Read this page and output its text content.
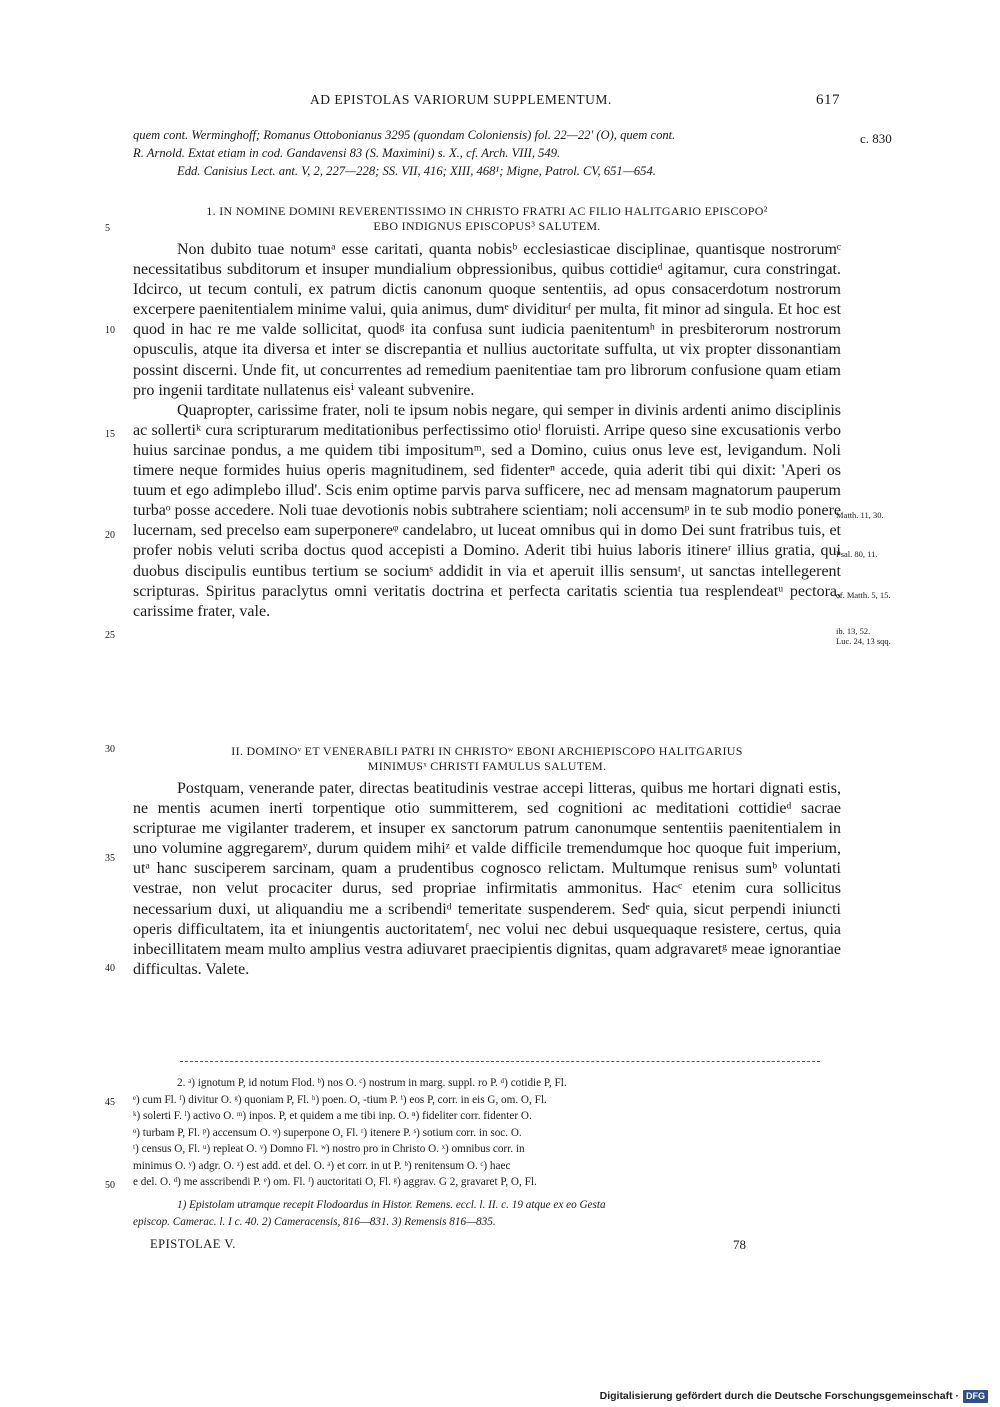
AD EPISTOLAS VARIORUM SUPPLEMENTUM.	617
c. 830
quem cont. Werminghoff; Romanus Ottobonianus 3295 (quondam Coloniensis) fol. 22—22' (O), quem cont.
R. Arnold. Extat etiam in cod. Gandavensi 83 (S. Maximini) s. X., cf. Arch. VIII, 549.
Edd. Canisius Lect. ant. V, 2, 227—228; SS. VII, 416; XIII, 468¹; Migne, Patrol. CV, 651—654.
1. IN NOMINE DOMINI REVERENTISSIMO IN CHRISTO FRATRI AC FILIO HALITGARIO EPISCOPO²
EBO INDIGNUS EPISCOPUS³ SALUTEM.

Non dubito tuae notumᵃ esse caritati, quanta nobisᵇ ecclesiasticae disciplinae, quantisque nostrorumᶜ necessitatibus subditorum et insuper mundialium obpressionibus, quibus cottidieᵈ agitamur, cura constringat. Idcirco, ut tecum contuli, ex patrum dictis canonum quoque sententiis, ad opus consacerdotum nostrorum excerpere paenitentialem minime valui, quia animus, dumᵉ dividiturᶠ per multa, fit minor ad singula. Et hoc est quod in hac re me valde sollicitat, quodᵍ ita confusa sunt iudicia paenitentumʰ in presbiterorum nostrorum opusculis, atque ita diversa et inter se discrepantia et nullius auctoritate suffulta, ut vix propter dissonantiam possint discerni. Unde fit, ut concurrentes ad remedium paenitentiae tam pro librorum confusione quam etiam pro ingenii tarditate nullatenus eisⁱ valeant subvenire.

Quapropter, carissime frater, noli te ipsum nobis negare, qui semper in divinis ardenti animo disciplinis ac sollertiᵏ cura scripturarum meditationibus perfectissimo otioˡ floruisti. Arripe queso sine excusationis verbo huius sarcinae pondus, a me quidem tibi impositumᵐ, sed a Domino, cuius onus leve est, levigandum. Noli timere neque formides huius operis magnitudinem, sed fidenterⁿ accede, quia aderit tibi qui dixit: 'Aperi os tuum et ego adimplebo illud'. Scis enim optime parvis parva sufficere, nec ad mensam magnatorum pauperum turbaᵒ posse accedere. Noli tuae devotionis nobis subtrahere scientiam; noli accensumᵖ in te sub modio ponere lucernam, sed precelso eam superponereᵠ candelabro, ut luceat omnibus qui in domo Dei sunt fratribus tuis, et profer nobis veluti scriba doctus quod accepisti a Domino. Aderit tibi huius laboris itinereʳ illius gratia, qui duobus discipulis euntibus tertium se sociumˢ addidit in via et aperuit illis sensumᵗ, ut sanctas intellegerent scripturas. Spiritus paraclytus omni veritatis doctrina et perfecta caritatis scientia tua resplendeatᵘ pectora, carissime frater, vale.

II. DOMINOᵛ ET VENERABILI PATRI IN CHRISTOʷ EBONI ARCHIEPISCOPO HALITGARIUS
MINIMUSˣ CHRISTI FAMULUS SALUTEM.

Postquam, venerande pater, directas beatitudinis vestrae accepi litteras, quibus me hortari dignati estis, ne mentis acumen inerti torpentique otio summitterem, sed cognitioni ac meditationi cottidieᵈ sacrae scripturae me vigilanter traderem, et insuper ex sanctorum patrum canonumque sententiis paenitentialem in uno volumine aggregaremʸ, durum quidem mihiᶻ et valde difficile tremendumque hoc quoque fuit imperium, utᵃ hanc susciperem sarcinam, quam a prudentibus cognosco relictam. Multumque renisus sumᵇ voluntati vestrae, non velut procaciter durus, sed propriae infirmitatis ammonitus. Hacᶜ etenim cura sollicitus necessarium duxi, ut aliquandiu me a scribendiᵈ temeritate suspenderem. Sedᵉ quia, sicut perpendi iniuncti operis difficultatem, ita et iniungentis auctoritatemᶠ, nec volui nec debui usquequaque resistere, certus, quia inbecillitatem meam multo amplius vestra adiuvaret praecipientis dignitas, quam adgravaretᵍ meae ignorantiae difficultas. Valete.

5
10
15
20
25
30
35
40
45
50
Matth. 11, 30.
Psal. 80, 11.
cf. Matth. 5, 15.
ib. 13, 52.
Luc. 24, 13 sqq.
2. ᵃ) ignotum P, id notum Flod. ᵇ) nos O. ᶜ) nostrum in marg. suppl. ro P. ᵈ) cotidie P, Fl.
ᵉ) cum Fl. ᶠ) divitur O. ᵍ) quoniam P, Fl. ʰ) poen. O, -tium P. ⁱ) eos P, corr. in eis G, om. O, Fl.
ᵏ) solerti F. ˡ) activo O. ᵐ) inpos. P, et quidem a me tibi inp. O. ⁿ) fideliter corr. fidenter O.
ᵒ) turbam P, Fl. ᵖ) accensum O. ᵠ) superpone O, Fl. ʳ) itenere P. ˢ) sotium corr. in soc. O.
ᵗ) census O, Fl. ᵘ) repleat O. ᵛ) Domno Fl. ʷ) nostro pro in Christo O. ˣ) omnibus corr. in
minimus O. ʸ) adgr. O. ᶻ) est add. et del. O. ᵃ) et corr. in ut P. ᵇ) renitensum O. ᶜ) haec
e del. O. ᵈ) me asscribendi P. ᵉ) om. Fl. ᶠ) auctoritati O, Fl. ᵍ) aggrav. G 2, gravaret P, O, Fl.
1) Epistolam utramque recepit Flodoardus in Histor. Remens. eccl. l. II. c. 19 atque ex eo Gesta
episcop. Camerac. l. I c. 40. 2) Cameracensis, 816—831. 3) Remensis 816—835.
EPISTOLAE V.	78
Digitalisierung gefördert durch die Deutsche Forschungsgemeinschaft · DFG
